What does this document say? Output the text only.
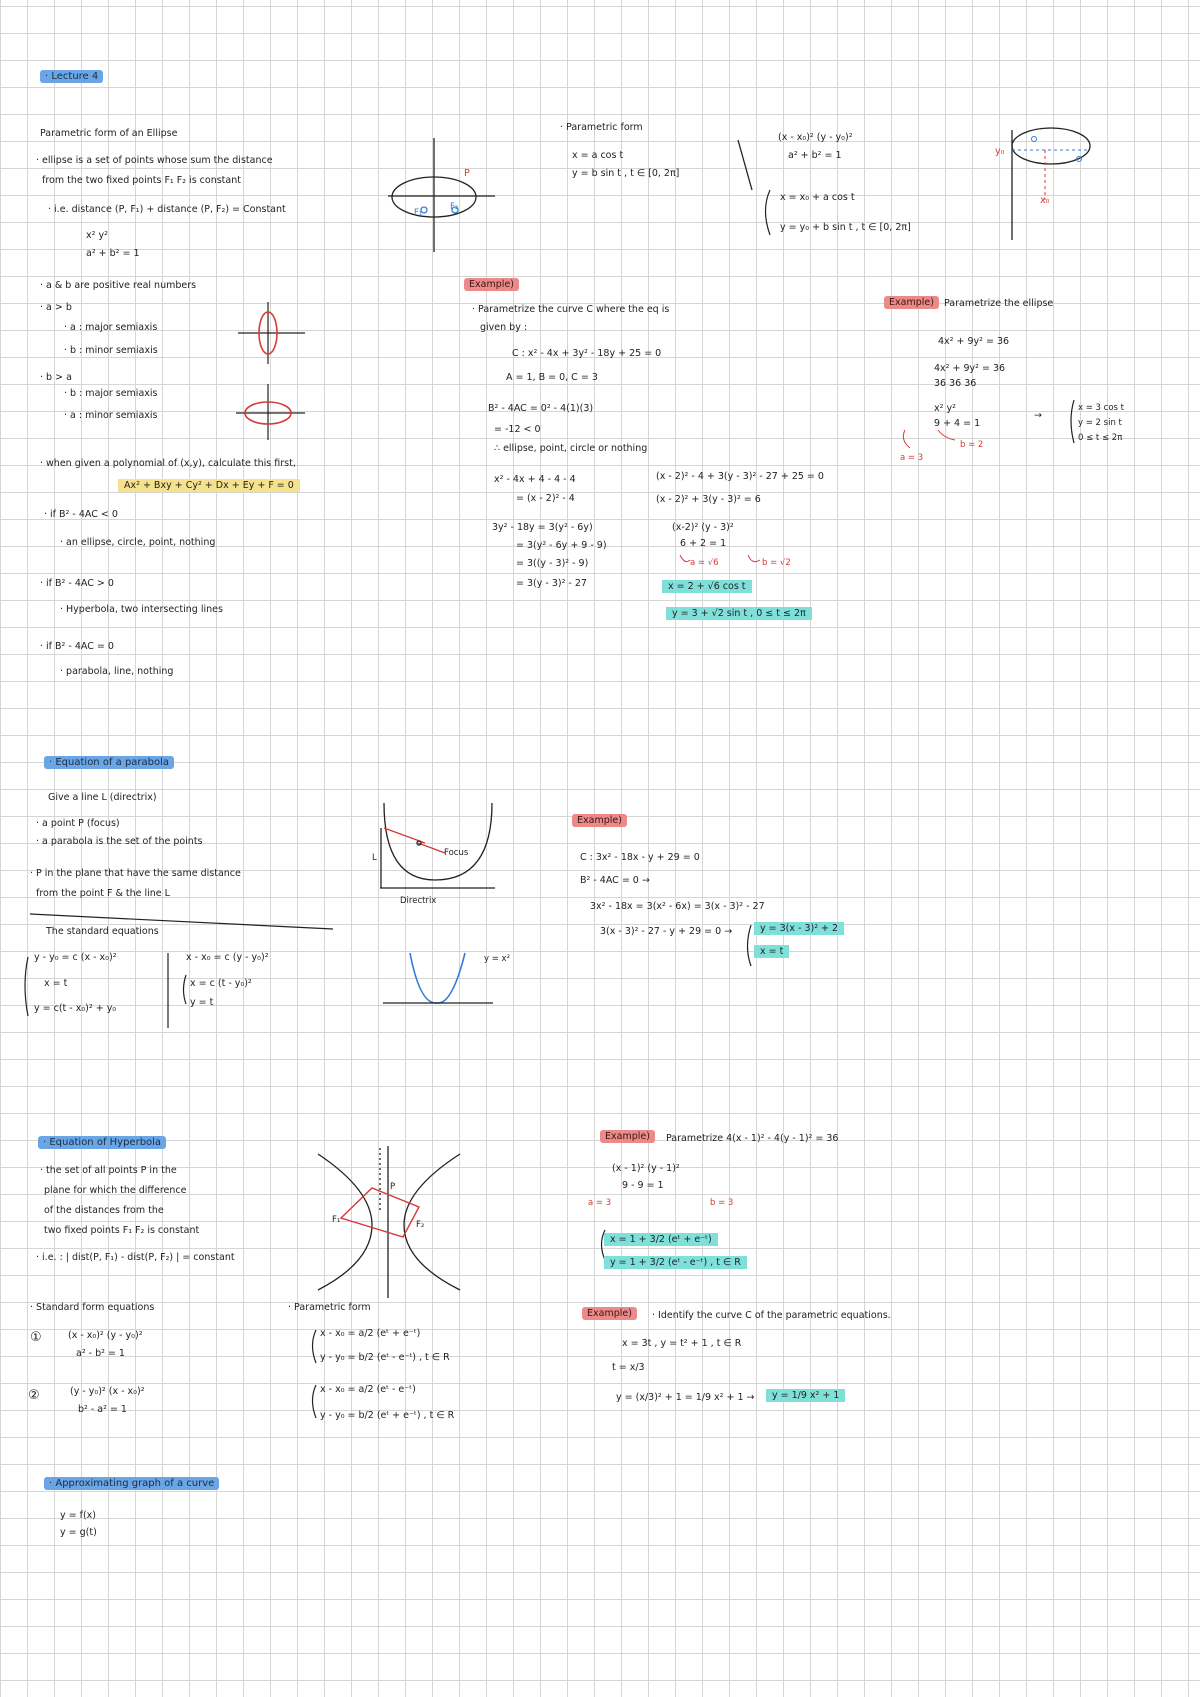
· Lecture 4
Parametric form of an Ellipse
· ellipse is a set of points whose sum the distance
from the two fixed points F₁ F₂ is constant
· i.e. distance (P, F₁) + distance (P, F₂) = Constant
x² y²
a² + b² = 1
· a & b are positive real numbers
· a > b
· a : major semiaxis
· b : minor semiaxis
· b > a
· b : major semiaxis
· a : minor semiaxis
· when given a polynomial of (x,y), calculate this first,
Ax² + Bxy + Cy² + Dx + Ey + F = 0
· if B² - 4AC < 0
· an ellipse, circle, point, nothing
· if B² - 4AC > 0
· Hyperbola, two intersecting lines
· if B² - 4AC = 0
· parabola, line, nothing
P
F₁
F₂
· Parametric form
x = a cos t
y = b sin t , t ∈ [0, 2π]
(x - x₀)² (y - y₀)²
a² + b² = 1
x = x₀ + a cos t
y = y₀ + b sin t , t ∈ [0, 2π]
y₀
x₀
Example)
· Parametrize the curve C where the eq is
given by :
C : x² - 4x + 3y² - 18y + 25 = 0
A = 1, B = 0, C = 3
B² - 4AC = 0² - 4(1)(3)
= -12 < 0
∴ ellipse, point, circle or nothing
x² - 4x + 4 - 4 - 4
= (x - 2)² - 4
3y² - 18y = 3(y² - 6y)
= 3(y² - 6y + 9 - 9)
= 3((y - 3)² - 9)
= 3(y - 3)² - 27
(x - 2)² - 4 + 3(y - 3)² - 27 + 25 = 0
(x - 2)² + 3(y - 3)² = 6
(x-2)² (y - 3)²
6 + 2 = 1
a = √6	b = √2
x = 2 + √6 cos t
y = 3 + √2 sin t , 0 ≤ t ≤ 2π
Example)	Parametrize the ellipse
4x² + 9y² = 36
4x² + 9y² = 36
36 36 36
x² y²
9 + 4 = 1
→
x = 3 cos t
y = 2 sin t
0 ≤ t ≤ 2π
a = 3
b = 2
· Equation of a parabola
Give a line L (directrix)
· a point P (focus)
· a parabola is the set of the points
· P in the plane that have the same distance
from the point F & the line L
The standard equations
y - y₀ = c (x - x₀)²
x = t
y = c(t - x₀)² + y₀
x - x₀ = c (y - y₀)²
x = c (t - y₀)²
y = t
Focus
Directrix
L
y = x²
Example)
C : 3x² - 18x - y + 29 = 0
B² - 4AC = 0 →
3x² - 18x = 3(x² - 6x) = 3(x - 3)² - 27
3(x - 3)² - 27 - y + 29 = 0 →	y = 3(x - 3)² + 2
x = t
· Equation of Hyperbola
· the set of all points P in the
plane for which the difference
of the distances from the
two fixed points F₁ F₂ is constant
· i.e. : | dist(P, F₁) - dist(P, F₂) | = constant
· Standard form equations
①	(x - x₀)² (y - y₀)²
a² - b² = 1
②	(y - y₀)² (x - x₀)²
b² - a² = 1
· Parametric form
x - x₀ = a/2 (eᵗ + e⁻ᵗ)
y - y₀ = b/2 (eᵗ - e⁻ᵗ) , t ∈ R
x - x₀ = a/2 (eᵗ - e⁻ᵗ)
y - y₀ = b/2 (eᵗ + e⁻ᵗ) , t ∈ R
F₁	F₂
P
Example)	Parametrize 4(x - 1)² - 4(y - 1)² = 36
(x - 1)² (y - 1)²
9 - 9 = 1
a = 3	b = 3
x = 1 + 3/2 (eᵗ + e⁻ᵗ)
y = 1 + 3/2 (eᵗ - e⁻ᵗ) , t ∈ R
Example)	· Identify the curve C of the parametric equations.
x = 3t , y = t² + 1 , t ∈ R
t = x/3
y = (x/3)² + 1 = 1/9 x² + 1 →	y = 1/9 x² + 1
· Approximating graph of a curve
y = f(x)
y = g(t)
